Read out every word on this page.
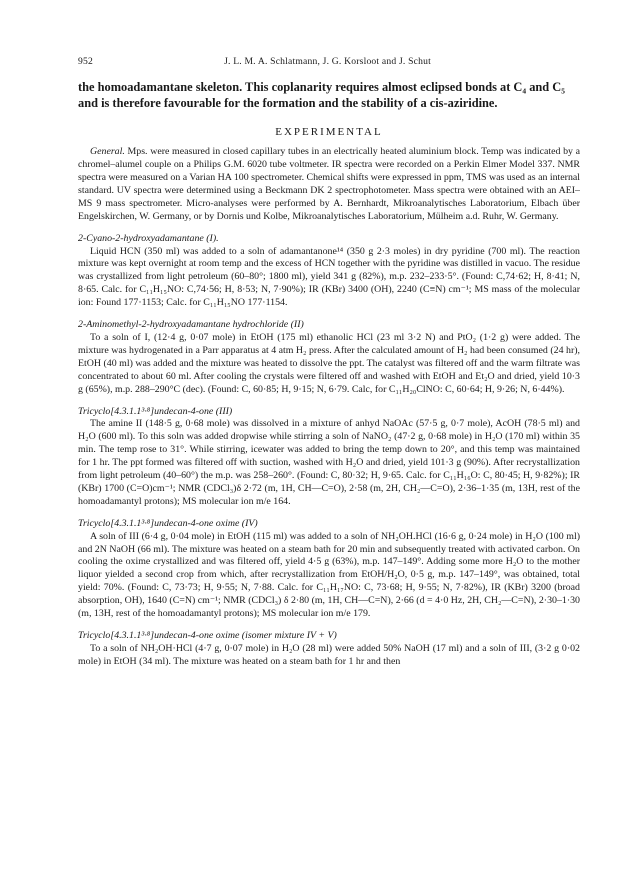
952	J. L. M. A. Schlatmann, J. G. Korsloot and J. Schut

the homoadamantane skeleton. This coplanarity requires almost eclipsed bonds at C₄ and C₅ and is therefore favourable for the formation and the stability of a cis-aziridine.

EXPERIMENTAL

General. Mps. were measured in closed capillary tubes in an electrically heated aluminium block. Temp was indicated by a chromel–alumel couple on a Philips G.M. 6020 tube voltmeter. IR spectra were recorded on a Perkin Elmer Model 337. NMR spectra were measured on a Varian HA 100 spectrometer. Chemical shifts were expressed in ppm, TMS was used as an internal standard. UV spectra were determined using a Beckmann DK 2 spectrophotometer. Mass spectra were obtained with an AEI–MS 9 mass spectrometer. Micro-analyses were performed by A. Bernhardt, Mikroanalytisches Laboratorium, Elbach über Engelskirchen, W. Germany, or by Dornis und Kolbe, Mikroanalytisches Laboratorium, Mülheim a.d. Ruhr, W. Germany.

2-Cyano-2-hydroxyadamantane (I).

Liquid HCN (350 ml) was added to a soln of adamantanone¹⁴ (350 g 2·3 moles) in dry pyridine (700 ml). The reaction mixture was kept overnight at room temp and the excess of HCN together with the pyridine was distilled in vacuo. The residue was crystallized from light petroleum (60–80°; 1800 ml), yield 341 g (82%), m.p. 232–233·5°. (Found: C,74·62; H, 8·41; N, 8·65. Calc. for C₁₁H₁₅NO: C,74·56; H, 8·53; N, 7·90%); IR (KBr) 3400 (OH), 2240 (C≡N) cm⁻¹; MS mass of the molecular ion: Found 177·1153; Calc. for C₁₁H₁₅NO 177·1154.

2-Aminomethyl-2-hydroxyadamantane hydrochloride (II)

To a soln of I, (12·4 g, 0·07 mole) in EtOH (175 ml) ethanolic HCl (23 ml 3·2 N) and PtO₂ (1·2 g) were added. The mixture was hydrogenated in a Parr apparatus at 4 atm H₂ press. After the calculated amount of H₂ had been consumed (24 hr), EtOH (40 ml) was added and the mixture was heated to dissolve the ppt. The catalyst was filtered off and the warm filtrate was concentrated to about 60 ml. After cooling the crystals were filtered off and washed with EtOH and Et₂O and dried, yield 10·3 g (65%), m.p. 288–290°C (dec). (Found: C, 60·85; H, 9·15; N, 6·79. Calc, for C₁₁H₂₀ClNO: C, 60·64; H, 9·26; N, 6·44%).

Tricyclo[4.3.1.1³·⁸]undecan-4-one (III)

The amine II (148·5 g, 0·68 mole) was dissolved in a mixture of anhyd NaOAc (57·5 g, 0·7 mole), AcOH (78·5 ml) and H₂O (600 ml). To this soln was added dropwise while stirring a soln of NaNO₂ (47·2 g, 0·68 mole) in H₂O (170 ml) within 35 min. The temp rose to 31°. While stirring, icewater was added to bring the temp down to 20°, and this temp was maintained for 1 hr. The ppt formed was filtered off with suction, washed with H₂O and dried, yield 101·3 g (90%). After recrystallization from light petroleum (40–60°) the m.p. was 258–260°. (Found: C, 80·32; H, 9·65. Calc. for C₁₁H₁₆O: C, 80·45; H, 9·82%); IR (KBr) 1700 (C=O)cm⁻¹; NMR (CDCl₃)δ 2·72 (m, 1H, CH—C=O), 2·58 (m, 2H, CH₂—C=O), 2·36–1·35 (m, 13H, rest of the homoadamantyl protons); MS molecular ion m/e 164.

Tricyclo[4.3.1.1³·⁸]undecan-4-one oxime (IV)

A soln of III (6·4 g, 0·04 mole) in EtOH (115 ml) was added to a soln of NH₂OH.HCl (16·6 g, 0·24 mole) in H₂O (100 ml) and 2N NaOH (66 ml). The mixture was heated on a steam bath for 20 min and subsequently treated with activated carbon. On cooling the oxime crystallized and was filtered off, yield 4·5 g (63%), m.p. 147–149°. Adding some more H₂O to the mother liquor yielded a second crop from which, after recrystallization from EtOH/H₂O, 0·5 g, m.p. 147–149°, was obtained, total yield: 70%. (Found: C, 73·73; H, 9·55; N, 7·88. Calc. for C₁₁H₁₇NO: C, 73·68; H, 9·55; N, 7·82%), IR (KBr) 3200 (broad absorption, OH), 1640 (C=N) cm⁻¹; NMR (CDCl₃) δ 2·80 (m, 1H, CH—C=N), 2·66 (d = 4·0 Hz, 2H, CH₂—C=N), 2·30–1·30 (m, 13H, rest of the homoadamantyl protons); MS molecular ion m/e 179.

Tricyclo[4.3.1.1³·⁸]undecan-4-one oxime (isomer mixture IV + V)

To a soln of NH₂OH·HCl (4·7 g, 0·07 mole) in H₂O (28 ml) were added 50% NaOH (17 ml) and a soln of III, (3·2 g 0·02 mole) in EtOH (34 ml). The mixture was heated on a steam bath for 1 hr and then
